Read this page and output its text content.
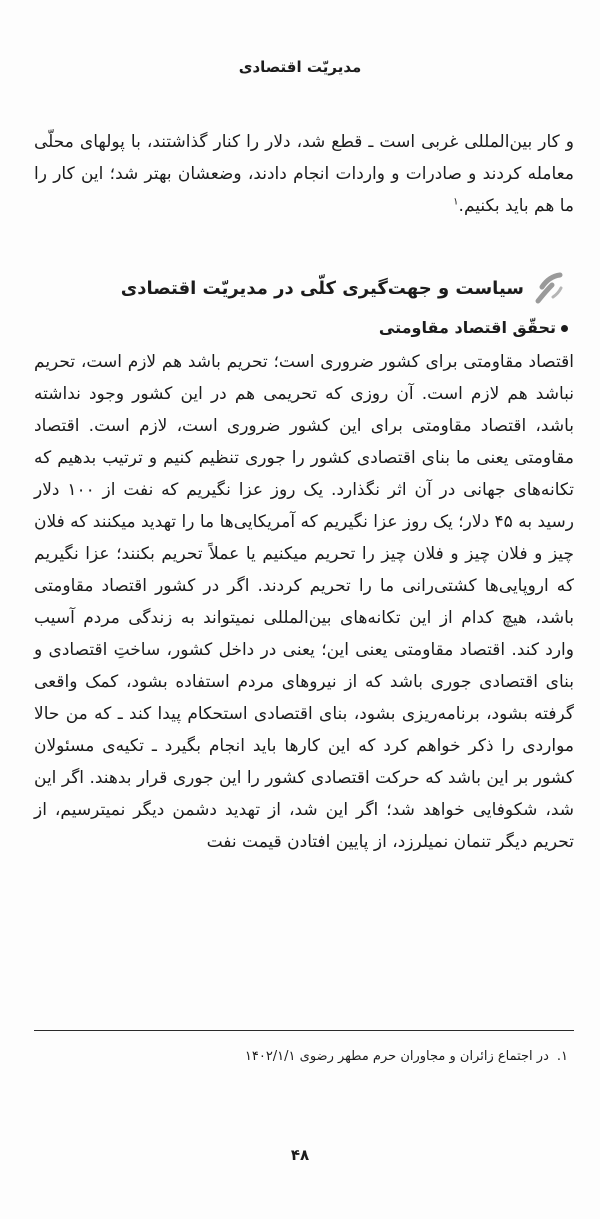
مدیریّت اقتصادی
و کار بین‌المللی غربی است ـ قطع شد، دلار را کنار گذاشتند، با پولهای محلّی معامله کردند و صادرات و واردات انجام دادند، وضعشان بهتر شد؛ این کار را ما هم باید بکنیم.$^۱$
سیاست و جهت‌گیری کلّی در مدیریّت اقتصادی
تحقّق اقتصاد مقاومتی
اقتصاد مقاومتی برای کشور ضروری است؛ تحریم باشد هم لازم است، تحریم نباشد هم لازم است. آن روزی که تحریمی هم در این کشور وجود نداشته باشد، اقتصاد مقاومتی برای این کشور ضروری است، لازم است. اقتصاد مقاومتی یعنی ما بنای اقتصادی کشور را جوری تنظیم کنیم و ترتیب بدهیم که تکانه‌های جهانی در آن اثر نگذارد. یک روز عزا نگیریم که نفت از ۱۰۰ دلار رسید به ۴۵ دلار؛ یک روز عزا نگیریم که آمریکایی‌ها ما را تهدید میکنند که فلان چیز و فلان چیز و فلان چیز را تحریم میکنیم یا عملاً تحریم بکنند؛ عزا نگیریم که اروپایی‌ها کشتی‌رانی ما را تحریم کردند. اگر در کشور اقتصاد مقاومتی باشد، هیچ کدام از این تکانه‌های بین‌المللی نمیتواند به زندگی مردم آسیب وارد کند. اقتصاد مقاومتی یعنی این؛ یعنی در داخل کشور، ساختِ اقتصادی و بنای اقتصادی جوری باشد که از نیروهای مردم استفاده بشود، کمک واقعی گرفته بشود، برنامه‌ریزی بشود، بنای اقتصادی استحکام پیدا کند ـ که من حالا مواردی را ذکر خواهم کرد که این کارها باید انجام بگیرد ـ تکیه‌ی مسئولان کشور بر این باشد که حرکت اقتصادی کشور را این جوری قرار بدهند. اگر این شد، شکوفایی خواهد شد؛ اگر این شد، از تهدید دشمن دیگر نمیترسیم، از تحریم دیگر تنمان نمیلرزد، از پایین افتادن قیمت نفت
۱.در اجتماع زائران و مجاوران حرم مطهر رضوی ۱۴۰۲/۱/۱
۴۸
